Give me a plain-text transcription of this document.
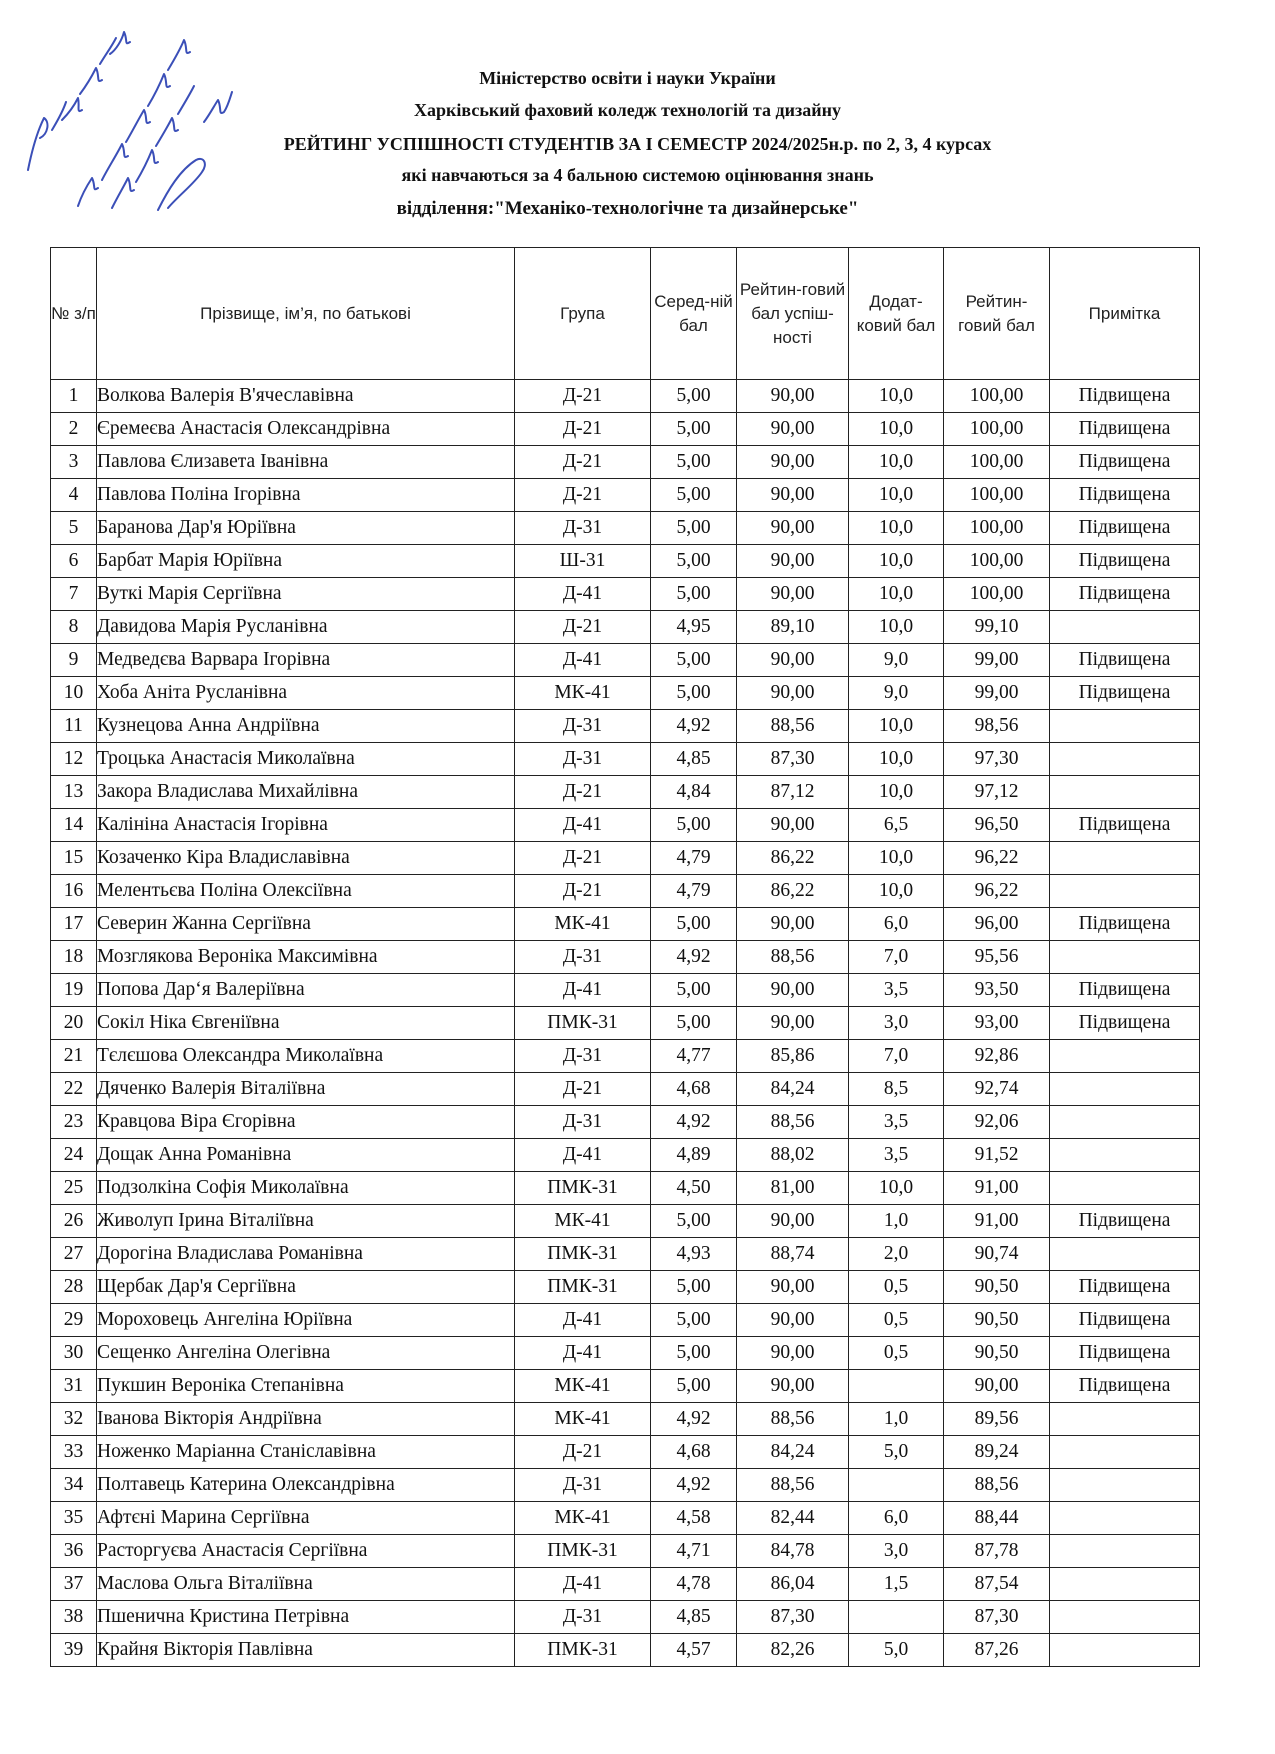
Міністерство освіти і науки України
Харківський фаховий коледж технологій та дизайну
РЕЙТИНГ УСПІШНОСТІ СТУДЕНТІВ ЗА І СЕМЕСТР 2024/2025н.р. по 2, 3, 4 курсах
які навчаються за 4 бальною системою оцінювання знань
відділення:"Механіко-технологічне та дизайнерське"
№ з/п	Прізвище, ім’я, по батькові	Група	Серед-ній бал	Рейтин-говий бал успіш-ності	Додат-ковий бал	Рейтин-говий бал	Примітка
1	Волкова Валерія В'ячеславівна	Д-21	5,00	90,00	10,0	100,00	Підвищена
2	Єремеєва Анастасія Олександрівна	Д-21	5,00	90,00	10,0	100,00	Підвищена
3	Павлова Єлизавета Іванівна	Д-21	5,00	90,00	10,0	100,00	Підвищена
4	Павлова Поліна Ігорівна	Д-21	5,00	90,00	10,0	100,00	Підвищена
5	Баранова Дар'я Юріївна	Д-31	5,00	90,00	10,0	100,00	Підвищена
6	Барбат Марія Юріївна	Ш-31	5,00	90,00	10,0	100,00	Підвищена
7	Вуткі Марія Сергіївна	Д-41	5,00	90,00	10,0	100,00	Підвищена
8	Давидова Марія Русланівна	Д-21	4,95	89,10	10,0	99,10	
9	Медведєва Варвара Ігорівна	Д-41	5,00	90,00	9,0	99,00	Підвищена
10	Хоба Аніта Русланівна	МК-41	5,00	90,00	9,0	99,00	Підвищена
11	Кузнецова Анна Андріївна	Д-31	4,92	88,56	10,0	98,56	
12	Троцька Анастасія Миколаївна	Д-31	4,85	87,30	10,0	97,30	
13	Закора Владислава Михайлівна	Д-21	4,84	87,12	10,0	97,12	
14	Калініна Анастасія Ігорівна	Д-41	5,00	90,00	6,5	96,50	Підвищена
15	Козаченко Кіра Владиславівна	Д-21	4,79	86,22	10,0	96,22	
16	Мелентьєва Поліна Олексіївна	Д-21	4,79	86,22	10,0	96,22	
17	Северин Жанна Сергіївна	МК-41	5,00	90,00	6,0	96,00	Підвищена
18	Мозглякова Вероніка Максимівна	Д-31	4,92	88,56	7,0	95,56	
19	Попова Дар‘я Валеріївна	Д-41	5,00	90,00	3,5	93,50	Підвищена
20	Сокіл Ніка Євгеніївна	ПМК-31	5,00	90,00	3,0	93,00	Підвищена
21	Тєлєшова Олександра Миколаївна	Д-31	4,77	85,86	7,0	92,86	
22	Дяченко Валерія Віталіївна	Д-21	4,68	84,24	8,5	92,74	
23	Кравцова Віра Єгорівна	Д-31	4,92	88,56	3,5	92,06	
24	Дощак Анна Романівна	Д-41	4,89	88,02	3,5	91,52	
25	Подзолкіна Софія Миколаївна	ПМК-31	4,50	81,00	10,0	91,00	
26	Живолуп Ірина Віталіївна	МК-41	5,00	90,00	1,0	91,00	Підвищена
27	Дорогіна Владислава Романівна	ПМК-31	4,93	88,74	2,0	90,74	
28	Щербак Дар'я Сергіївна	ПМК-31	5,00	90,00	0,5	90,50	Підвищена
29	Мороховець Ангеліна Юріївна	Д-41	5,00	90,00	0,5	90,50	Підвищена
30	Сещенко Ангеліна Олегівна	Д-41	5,00	90,00	0,5	90,50	Підвищена
31	Пукшин Вероніка Степанівна	МК-41	5,00	90,00		90,00	Підвищена
32	Іванова Вікторія Андріївна	МК-41	4,92	88,56	1,0	89,56	
33	Ноженко Маріанна Станіславівна	Д-21	4,68	84,24	5,0	89,24	
34	Полтавець Катерина Олександрівна	Д-31	4,92	88,56		88,56	
35	Афтєні Марина Сергіївна	МК-41	4,58	82,44	6,0	88,44	
36	Расторгуєва Анастасія Сергіївна	ПМК-31	4,71	84,78	3,0	87,78	
37	Маслова Ольга Віталіївна	Д-41	4,78	86,04	1,5	87,54	
38	Пшенична Кристина Петрівна	Д-31	4,85	87,30		87,30	
39	Крайня Вікторія Павлівна	ПМК-31	4,57	82,26	5,0	87,26	
